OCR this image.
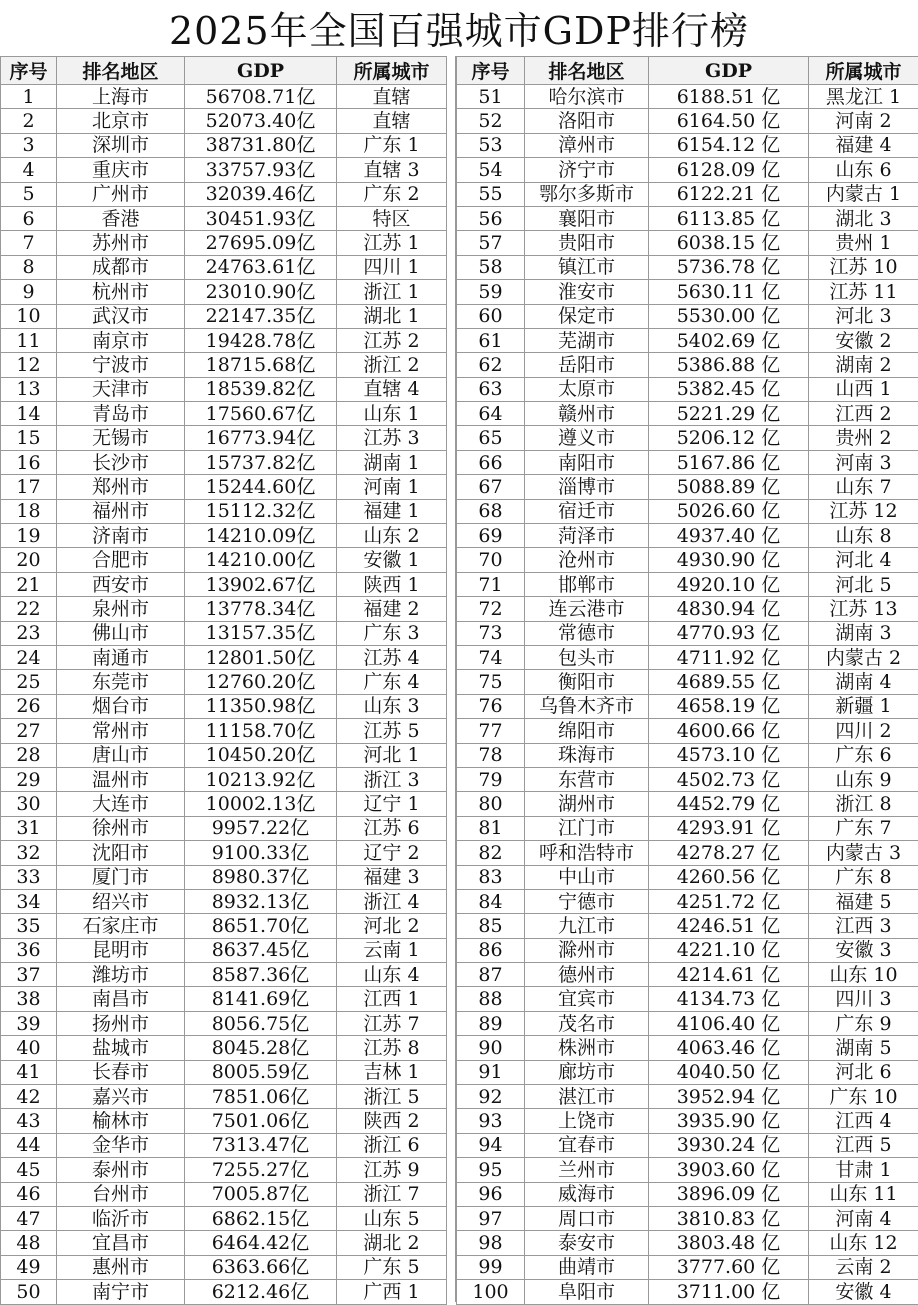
2025年全国百强城市GDP排行榜
序号	排名地区	GDP	所属城市
1	上海市	56708.71亿	直辖
2	北京市	52073.40亿	直辖
3	深圳市	38731.80亿	广东 1
4	重庆市	33757.93亿	直辖 3
5	广州市	32039.46亿	广东 2
6	香港	30451.93亿	特区
7	苏州市	27695.09亿	江苏 1
8	成都市	24763.61亿	四川 1
9	杭州市	23010.90亿	浙江 1
10	武汉市	22147.35亿	湖北 1
11	南京市	19428.78亿	江苏 2
12	宁波市	18715.68亿	浙江 2
13	天津市	18539.82亿	直辖 4
14	青岛市	17560.67亿	山东 1
15	无锡市	16773.94亿	江苏 3
16	长沙市	15737.82亿	湖南 1
17	郑州市	15244.60亿	河南 1
18	福州市	15112.32亿	福建 1
19	济南市	14210.09亿	山东 2
20	合肥市	14210.00亿	安徽 1
21	西安市	13902.67亿	陕西 1
22	泉州市	13778.34亿	福建 2
23	佛山市	13157.35亿	广东 3
24	南通市	12801.50亿	江苏 4
25	东莞市	12760.20亿	广东 4
26	烟台市	11350.98亿	山东 3
27	常州市	11158.70亿	江苏 5
28	唐山市	10450.20亿	河北 1
29	温州市	10213.92亿	浙江 3
30	大连市	10002.13亿	辽宁 1
31	徐州市	9957.22亿	江苏 6
32	沈阳市	9100.33亿	辽宁 2
33	厦门市	8980.37亿	福建 3
34	绍兴市	8932.13亿	浙江 4
35	石家庄市	8651.70亿	河北 2
36	昆明市	8637.45亿	云南 1
37	潍坊市	8587.36亿	山东 4
38	南昌市	8141.69亿	江西 1
39	扬州市	8056.75亿	江苏 7
40	盐城市	8045.28亿	江苏 8
41	长春市	8005.59亿	吉林 1
42	嘉兴市	7851.06亿	浙江 5
43	榆林市	7501.06亿	陕西 2
44	金华市	7313.47亿	浙江 6
45	泰州市	7255.27亿	江苏 9
46	台州市	7005.87亿	浙江 7
47	临沂市	6862.15亿	山东 5
48	宜昌市	6464.42亿	湖北 2
49	惠州市	6363.66亿	广东 5
50	南宁市	6212.46亿	广西 1
序号	排名地区	GDP	所属城市
51	哈尔滨市	6188.51 亿	黑龙江 1
52	洛阳市	6164.50 亿	河南 2
53	漳州市	6154.12 亿	福建 4
54	济宁市	6128.09 亿	山东 6
55	鄂尔多斯市	6122.21 亿	内蒙古 1
56	襄阳市	6113.85 亿	湖北 3
57	贵阳市	6038.15 亿	贵州 1
58	镇江市	5736.78 亿	江苏 10
59	淮安市	5630.11 亿	江苏 11
60	保定市	5530.00 亿	河北 3
61	芜湖市	5402.69 亿	安徽 2
62	岳阳市	5386.88 亿	湖南 2
63	太原市	5382.45 亿	山西 1
64	赣州市	5221.29 亿	江西 2
65	遵义市	5206.12 亿	贵州 2
66	南阳市	5167.86 亿	河南 3
67	淄博市	5088.89 亿	山东 7
68	宿迁市	5026.60 亿	江苏 12
69	菏泽市	4937.40 亿	山东 8
70	沧州市	4930.90 亿	河北 4
71	邯郸市	4920.10 亿	河北 5
72	连云港市	4830.94 亿	江苏 13
73	常德市	4770.93 亿	湖南 3
74	包头市	4711.92 亿	内蒙古 2
75	衡阳市	4689.55 亿	湖南 4
76	乌鲁木齐市	4658.19 亿	新疆 1
77	绵阳市	4600.66 亿	四川 2
78	珠海市	4573.10 亿	广东 6
79	东营市	4502.73 亿	山东 9
80	湖州市	4452.79 亿	浙江 8
81	江门市	4293.91 亿	广东 7
82	呼和浩特市	4278.27 亿	内蒙古 3
83	中山市	4260.56 亿	广东 8
84	宁德市	4251.72 亿	福建 5
85	九江市	4246.51 亿	江西 3
86	滁州市	4221.10 亿	安徽 3
87	德州市	4214.61 亿	山东 10
88	宜宾市	4134.73 亿	四川 3
89	茂名市	4106.40 亿	广东 9
90	株洲市	4063.46 亿	湖南 5
91	廊坊市	4040.50 亿	河北 6
92	湛江市	3952.94 亿	广东 10
93	上饶市	3935.90 亿	江西 4
94	宜春市	3930.24 亿	江西 5
95	兰州市	3903.60 亿	甘肃 1
96	威海市	3896.09 亿	山东 11
97	周口市	3810.83 亿	河南 4
98	泰安市	3803.48 亿	山东 12
99	曲靖市	3777.60 亿	云南 2
100	阜阳市	3711.00 亿	安徽 4
